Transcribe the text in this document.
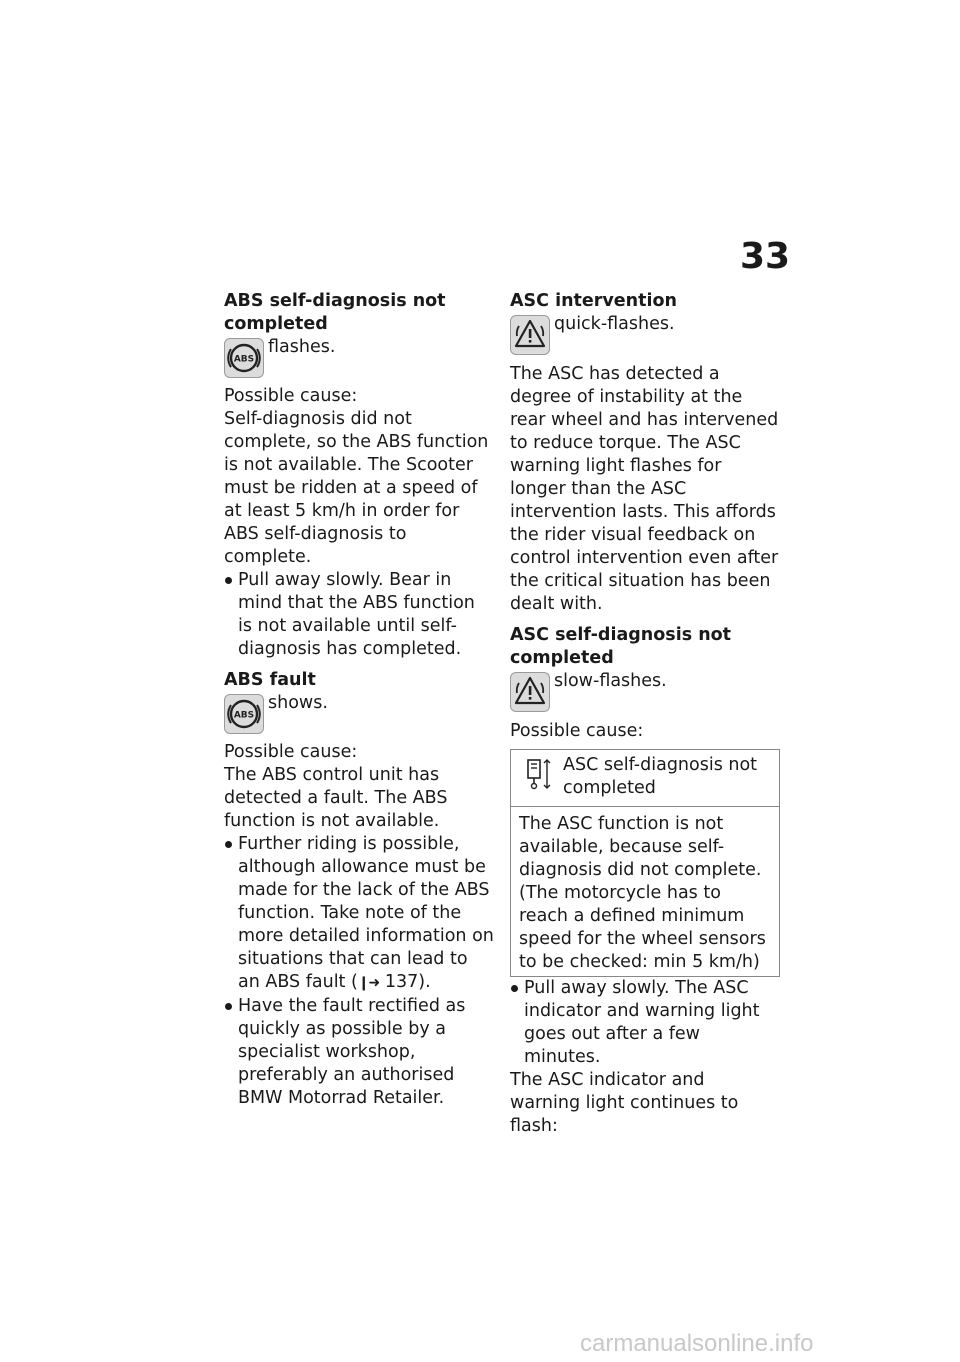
33

ABS self-diagnosis not completed

ABS
flashes.

Possible cause:

Self-diagnosis did not complete, so the ABS function is not available. The Scooter must be ridden at a speed of at least 5 km/h in order for ABS self-diagnosis to complete.

Pull away slowly. Bear in mind that the ABS function is not available until self-diagnosis has completed.

ABS fault

ABS
shows.

Possible cause:

The ABS control unit has detected a fault. The ABS function is not available.

Further riding is possible, although allowance must be made for the lack of the ABS function. Take note of the more detailed information on situations that can lead to an ABS fault (❙➜ 137).
Have the fault rectified as quickly as possible by a specialist workshop, preferably an authorised BMW Motorrad Retailer.

ASC intervention

quick-flashes.

The ASC has detected a degree of instability at the rear wheel and has intervened to reduce torque. The ASC warning light flashes for longer than the ASC intervention lasts. This affords the rider visual feedback on control intervention even after the critical situation has been dealt with.

ASC self-diagnosis not completed

slow-flashes.

Possible cause:

ASC self-diagnosis not completed
The ASC function is not available, because self-diagnosis did not complete. (The motorcycle has to reach a defined minimum speed for the wheel sensors to be checked: min 5 km/h)
Pull away slowly. The ASC indicator and warning light goes out after a few minutes.

The ASC indicator and warning light continues to flash:

carmanualsonline.info
